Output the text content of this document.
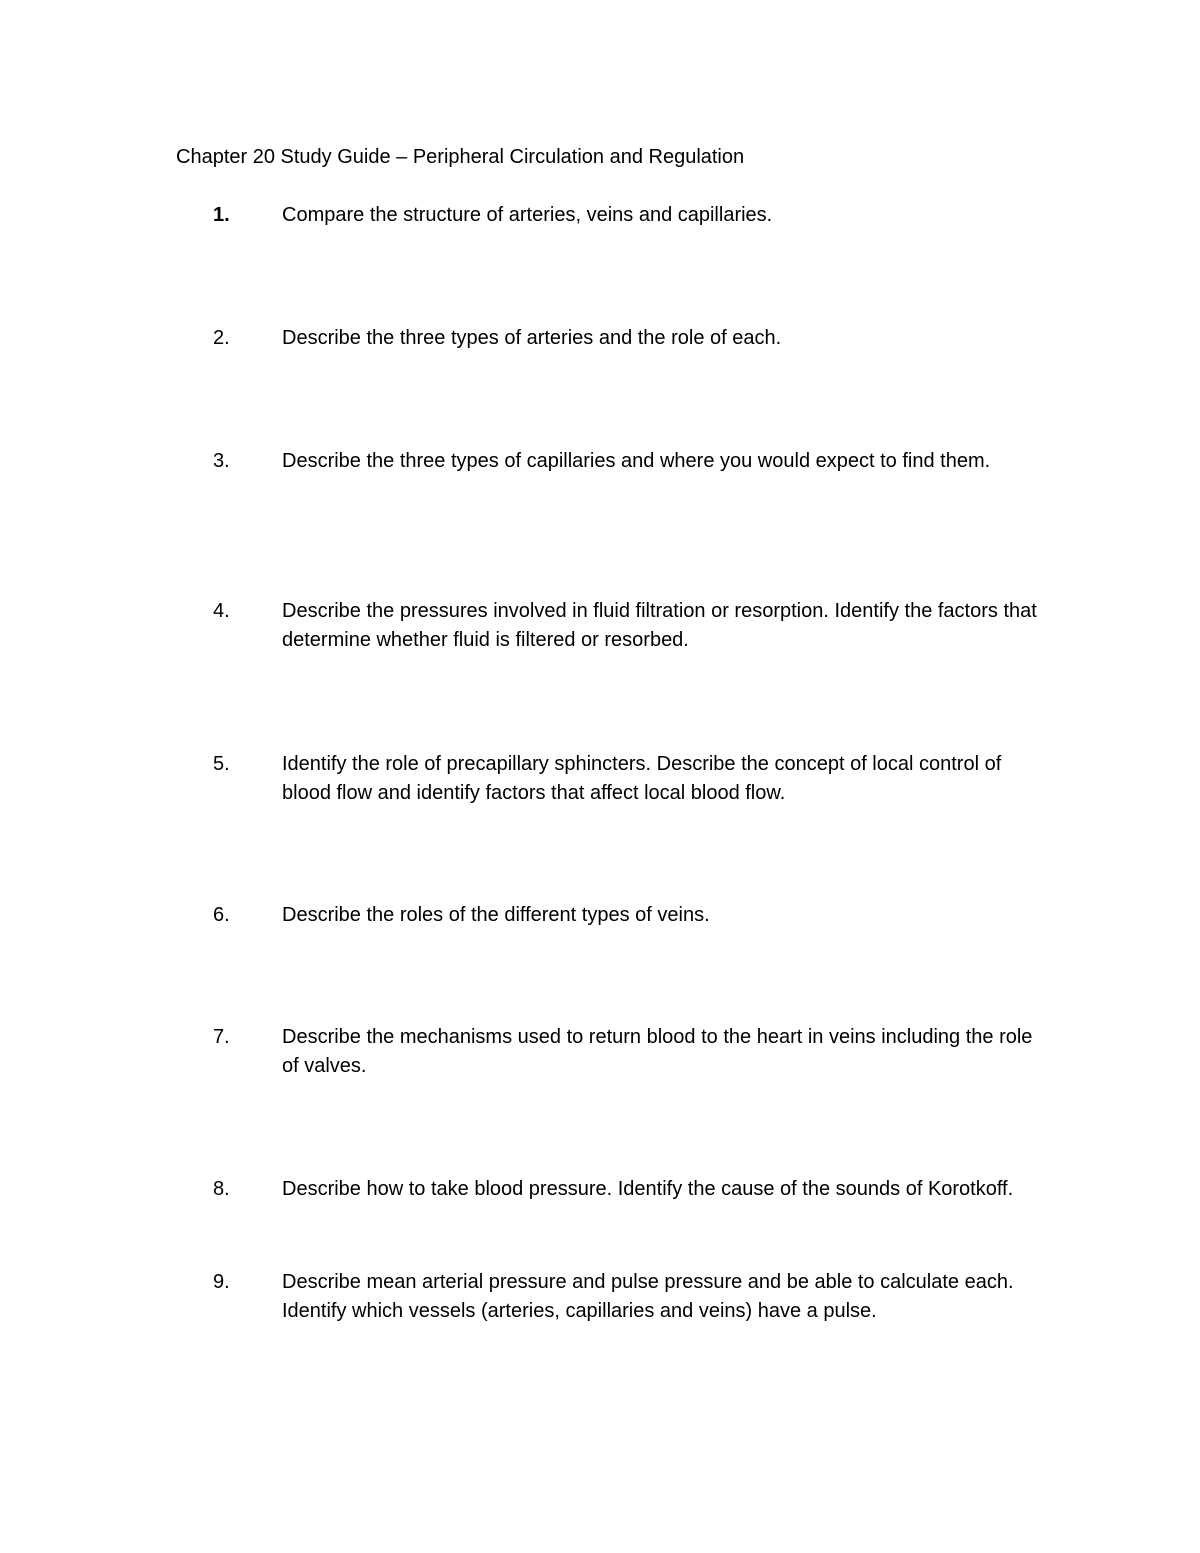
Chapter 20 Study Guide – Peripheral Circulation and Regulation
1.	Compare the structure of arteries, veins and capillaries.
2.	Describe the three types of arteries and the role of each.
3.	Describe the three types of capillaries and where you would expect to find them.
4.	Describe the pressures involved in fluid filtration or resorption. Identify the factors that determine whether fluid is filtered or resorbed.
5.	Identify the role of precapillary sphincters. Describe the concept of local control of blood flow and identify factors that affect local blood flow.
6.	Describe the roles of the different types of veins.
7.	Describe the mechanisms used to return blood to the heart in veins including the role of valves.
8.	Describe how to take blood pressure. Identify the cause of the sounds of Korotkoff.
9.	Describe mean arterial pressure and pulse pressure and be able to calculate each. Identify which vessels (arteries, capillaries and veins) have a pulse.
